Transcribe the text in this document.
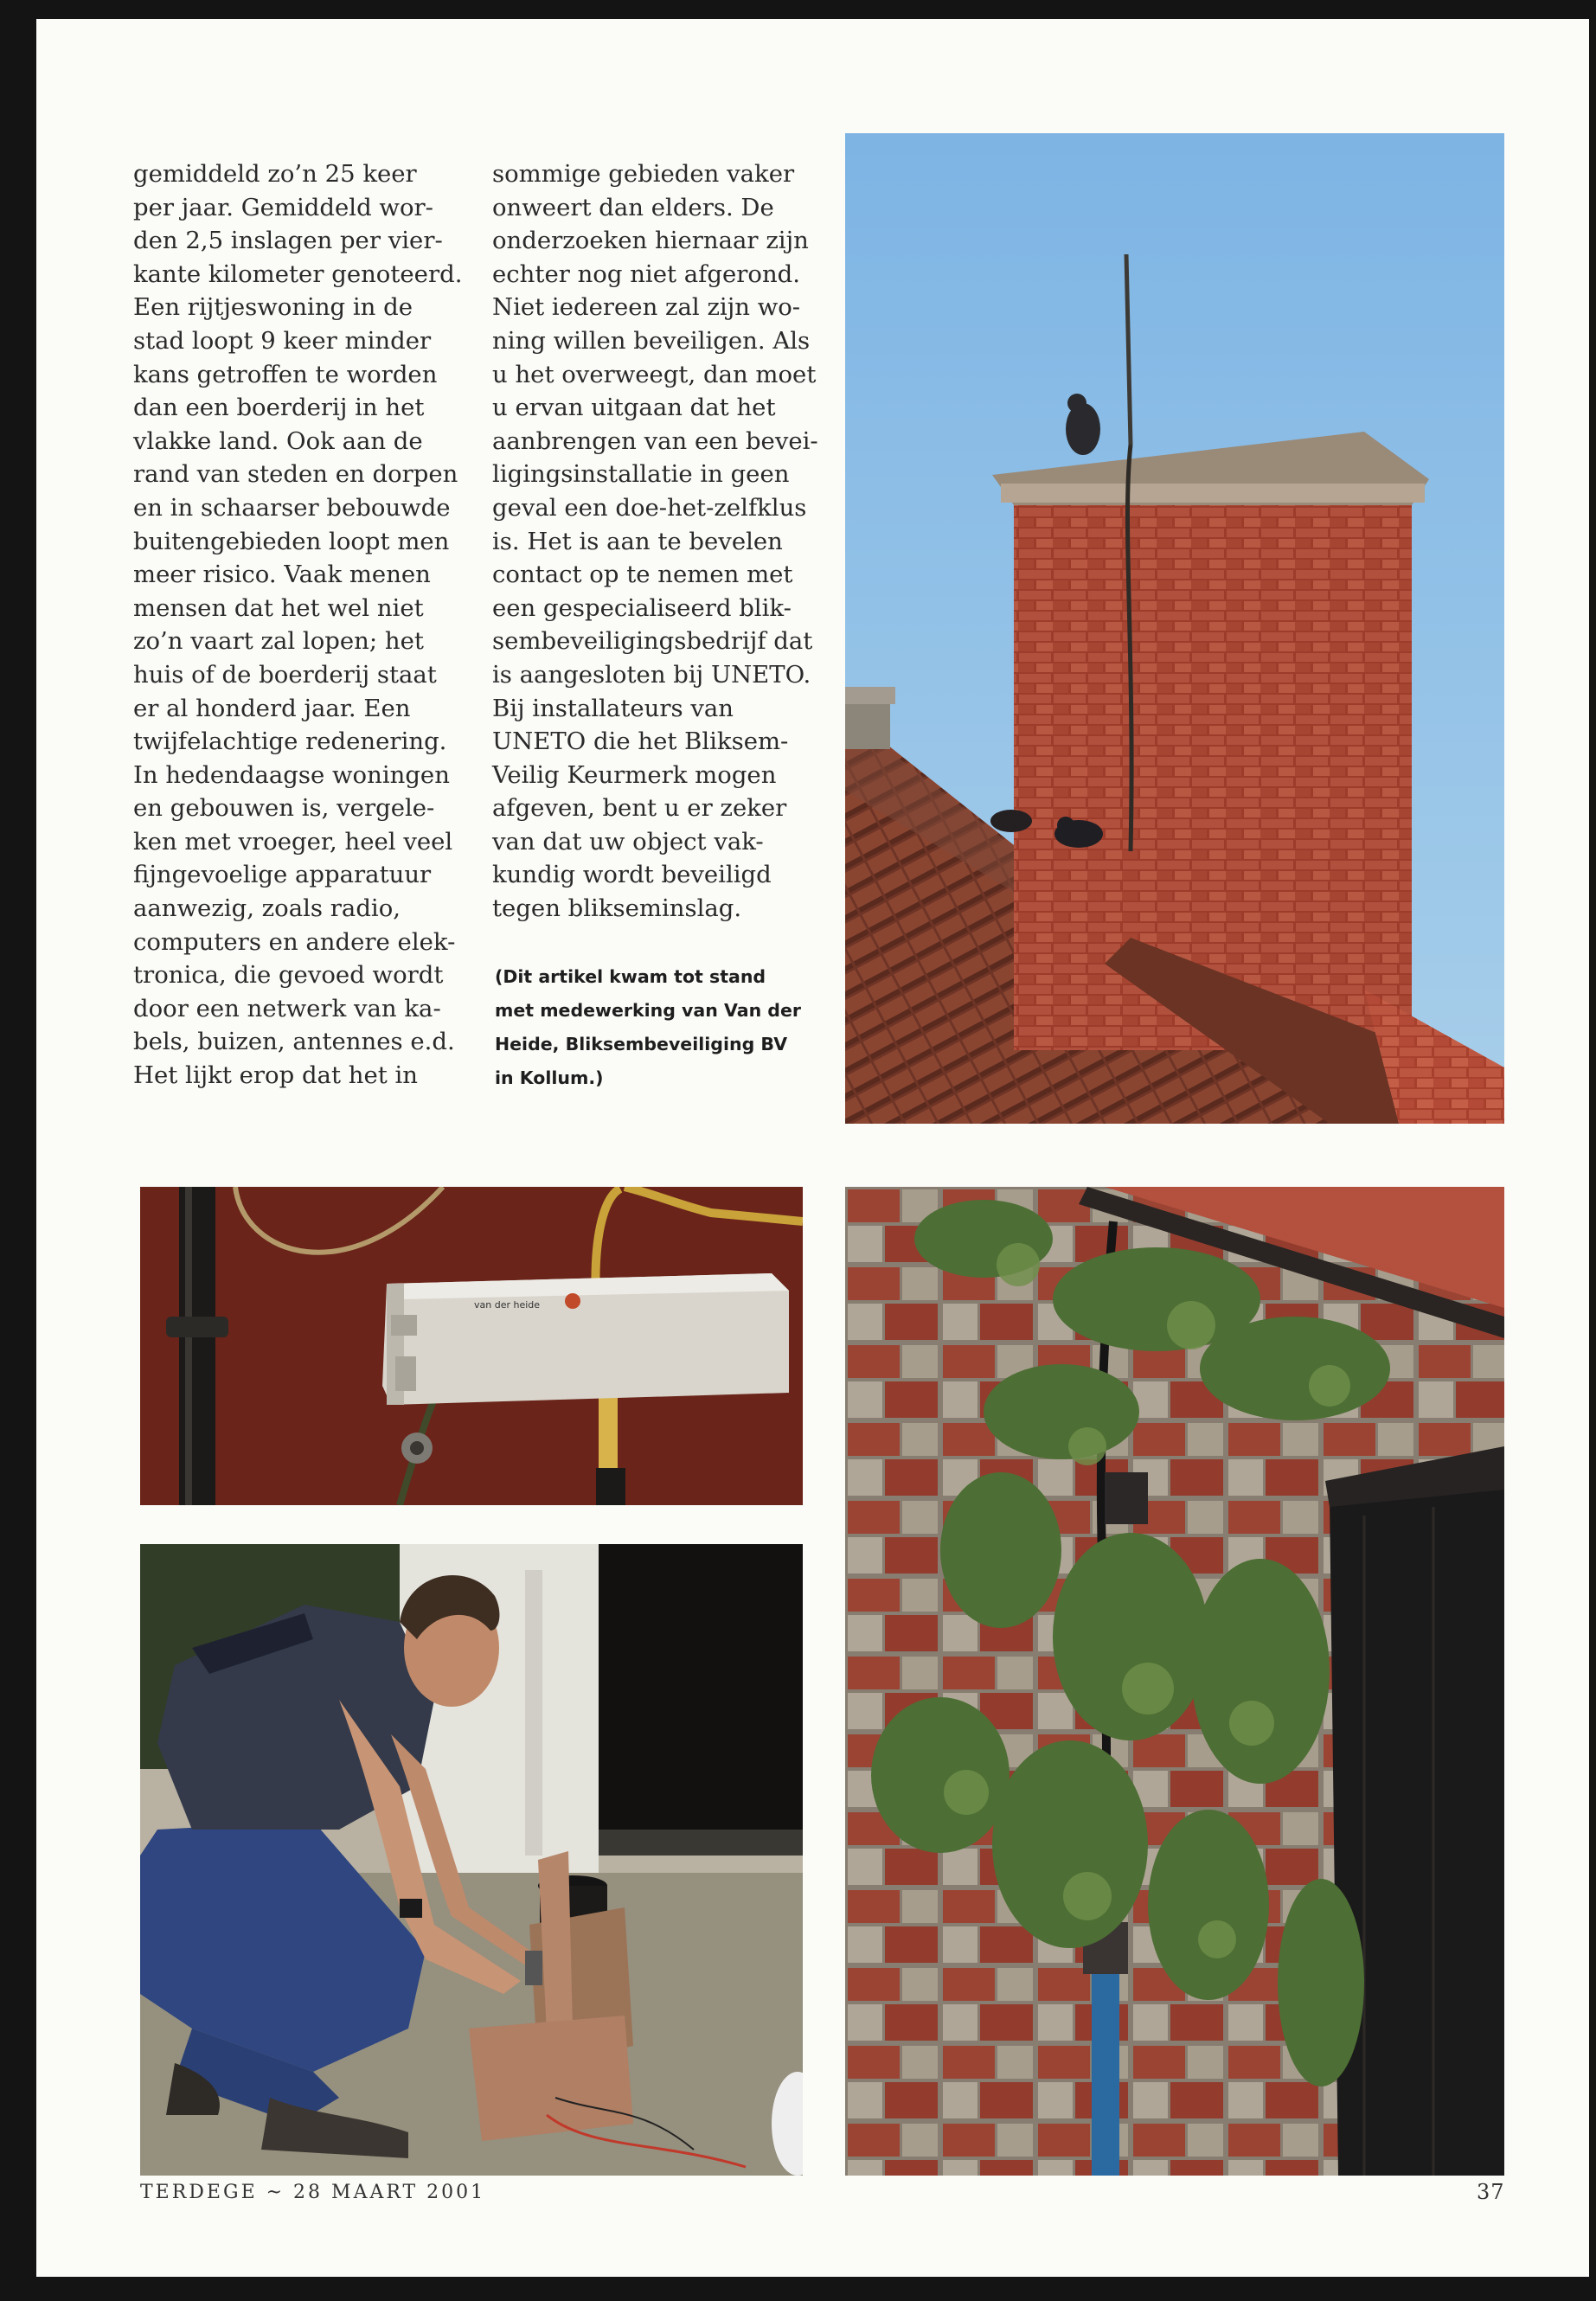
gemiddeld zo’n 25 keer
per jaar. Gemiddeld wor-
den 2,5 inslagen per vier-
kante kilometer genoteerd.
Een rijtjeswoning in de
stad loopt 9 keer minder
kans getroffen te worden
dan een boerderij in het
vlakke land. Ook aan de
rand van steden en dorpen
en in schaarser bebouwde
buitengebieden loopt men
meer risico. Vaak menen
mensen dat het wel niet
zo’n vaart zal lopen; het
huis of de boerderij staat
er al honderd jaar. Een
twijfelachtige redenering.
In hedendaagse woningen
en gebouwen is, vergele-
ken met vroeger, heel veel
fijngevoelige apparatuur
aanwezig, zoals radio,
computers en andere elek-
tronica, die gevoed wordt
door een netwerk van ka-
bels, buizen, antennes e.d.
Het lijkt erop dat het in
sommige gebieden vaker
onweert dan elders. De
onderzoeken hiernaar zijn
echter nog niet afgerond.
Niet iedereen zal zijn wo-
ning willen beveiligen. Als
u het overweegt, dan moet
u ervan uitgaan dat het
aanbrengen van een bevei-
ligingsinstallatie in geen
geval een doe-het-zelfklus
is. Het is aan te bevelen
contact op te nemen met
een gespecialiseerd blik-
sembeveiligingsbedrijf dat
is aangesloten bij UNETO.
Bij installateurs van
UNETO die het Bliksem-
Veilig Keurmerk mogen
afgeven, bent u er zeker
van dat uw object vak-
kundig wordt beveiligd
tegen blikseminslag.
(Dit artikel kwam tot stand
met medewerking van Van der
Heide, Bliksembeveiliging BV
in Kollum.)
van der heide
TERDEGE ~ 28 MAART 2001	37
